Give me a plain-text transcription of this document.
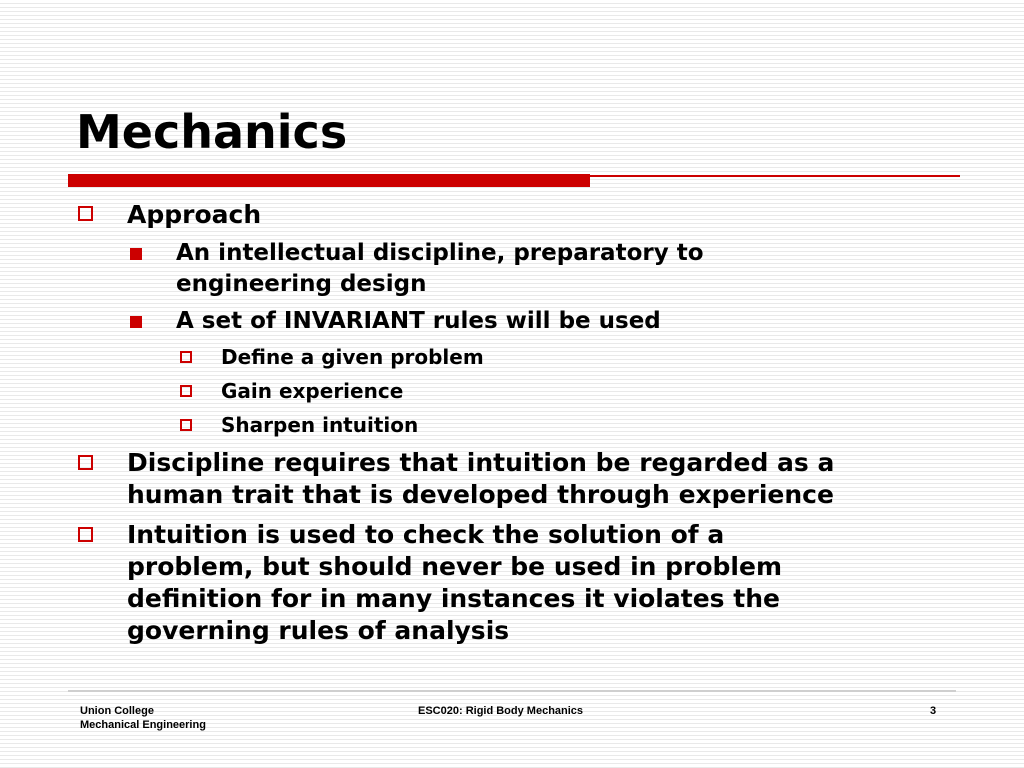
Mechanics
Approach
An intellectual discipline, preparatory to
engineering design
A set of INVARIANT rules will be used
Define a given problem
Gain experience
Sharpen intuition
Discipline requires that intuition be regarded as a
human trait that is developed through experience
Intuition is used to check the solution of a
problem, but should never be used in problem
definition for in many instances it violates the
governing rules of analysis
Union College
Mechanical Engineering
ESC020: Rigid Body Mechanics	3
